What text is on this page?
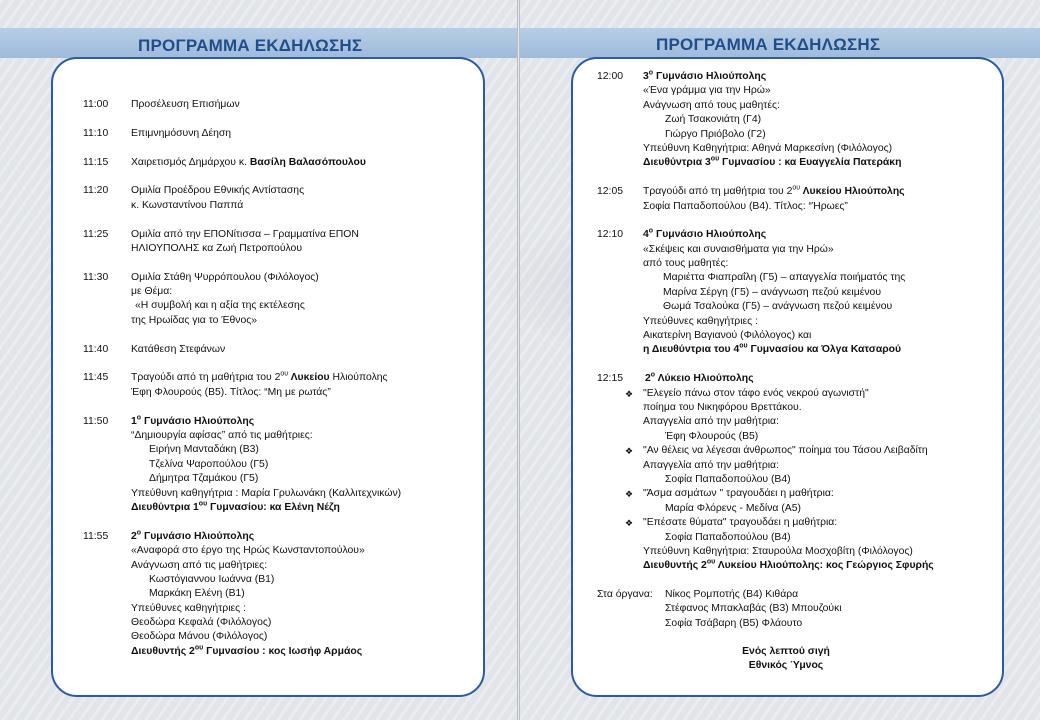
ΠΡΟΓΡΑΜΜΑ ΕΚΔΗΛΩΣΗΣ	ΠΡΟΓΡΑΜΜΑ ΕΚΔΗΛΩΣΗΣ
11:00 Προσέλευση Επισήμων
11:10 Επιμνημόσυνη Δέηση
11:15 Χαιρετισμός Δημάρχου κ. Βασίλη Βαλασόπουλου
11:20 Ομιλία Προέδρου Εθνικής Αντίστασης
κ. Κωνσταντίνου Παππά
11:25 Ομιλία από την ΕΠΟΝίτισσα – Γραμματίνα ΕΠΟΝ
ΗΛΙΟΥΠΟΛΗΣ κα Ζωή Πετροπούλου
11:30 Ομιλία Στάθη Ψυρρόπουλου (Φιλόλογος)
με Θέμα:
«Η συμβολή και η αξία της εκτέλεσης
της Ηρωίδας για το Έθνος»
11:40 Κατάθεση Στεφάνων
11:45 Τραγούδι από τη μαθήτρια του $2^{o\upsilon}$ Λυκείου Ηλιούπολης
Έφη Φλουρούς (Β5). Τίτλος: “Μη με ρωτάς”
11:50 $1^o$ Γυμνάσιο Ηλιούπολης
“Δημιουργία αφίσας” από τις μαθήτριες:
Ειρήνη Μανταδάκη (Β3)
Τζελίνα Ψαροπούλου (Γ5)
Δήμητρα Τζαμάκου (Γ5)
Υπεύθυνη καθηγήτρια : Μαρία Γρυλωνάκη (Καλλιτεχνικών)
Διευθύντρια $1^{o\upsilon}$ Γυμνασίου: κα Ελένη Νέζη
11:55 $2^o$ Γυμνάσιο Ηλιούπολης
«Αναφορά στο έργο της Ηρώς Κωνσταντοπούλου»
Ανάγνωση από τις μαθήτριες:
Κωστόγιαννου Ιωάννα (Β1)
Μαρκάκη Ελένη (Β1)
Υπεύθυνες καθηγήτριες :
Θεοδώρα Κεφαλά (Φιλόλογος)
Θεοδώρα Μάνου (Φιλόλογος)
Διευθυντής $2^{o\upsilon}$ Γυμνασίου : κος Ιωσήφ Αρμάος
12:00 $3^o$ Γυμνάσιο Ηλιούπολης
«Ένα γράμμα για την Ηρώ»
Ανάγνωση από τους μαθητές:
Ζωή Τσακονιάτη (Γ4)
Γιώργο Πριόβολο (Γ2)
Υπεύθυνη Καθηγήτρια: Αθηνά Μαρκεσίνη (Φιλόλογος)
Διευθύντρια $3^{o\upsilon}$ Γυμνασίου : κα Ευαγγελία Πατεράκη
12:05 Τραγούδι από τη μαθήτρια του $2^{o\upsilon}$ Λυκείου Ηλιούπολης
Σοφία Παπαδοπούλου (Β4). Τίτλος: “Ήρωες”
12:10 $4^o$ Γυμνάσιο Ηλιούπολης
«Σκέψεις και συναισθήματα για την Ηρώ»
από τους μαθητές:
Μαριέττα Φιαπραΐλη (Γ5) – απαγγελία ποιήματός της
Μαρίνα Σέργη (Γ5) – ανάγνωση πεζού κειμένου
Θωμά Τσαλούκα (Γ5) – ανάγνωση πεζού κειμένου
Υπεύθυνες καθηγήτριες :
Αικατερίνη Βαγιανού (Φιλόλογος) και
η Διευθύντρια του $4^{o\upsilon}$ Γυμνασίου κα Όλγα Κατσαρού
12:15 $2^o$ Λύκειο Ηλιούπολης
❖ "Ελεγείο πάνω στον τάφο ενός νεκρού αγωνιστή"
ποίημα του Νικηφόρου Βρεττάκου.
Απαγγελία από την μαθήτρια:
Έφη Φλουρούς (Β5)
❖ "Αν θέλεις να λέγεσαι άνθρωπος" ποίημα του Τάσου Λειβαδίτη
Απαγγελία από την μαθήτρια:
Σοφία Παπαδοπούλου (Β4)
❖ "Άσμα ασμάτων " τραγουδάει η μαθήτρια:
Μαρία Φλόρενς - Μεδίνα (Α5)
❖ "Επέσατε θύματα" τραγουδάει η μαθήτρια:
Σοφία Παπαδοπούλου (Β4)
Υπεύθυνη Καθηγήτρια: Σταυρούλα Μοσχοβίτη (Φιλόλογος)
Διευθυντής $2^{o\upsilon}$ Λυκείου Ηλιούπολης: κος Γεώργιος Σφυρής
Στα όργανα: Νίκος Ρομποτής (Β4) Κιθάρα
Στέφανος Μπακλαβάς (Β3) Μπουζούκι
Σοφία Τσάβαρη (Β5) Φλάουτο
Ενός λεπτού σιγή
Εθνικός Ύμνος
